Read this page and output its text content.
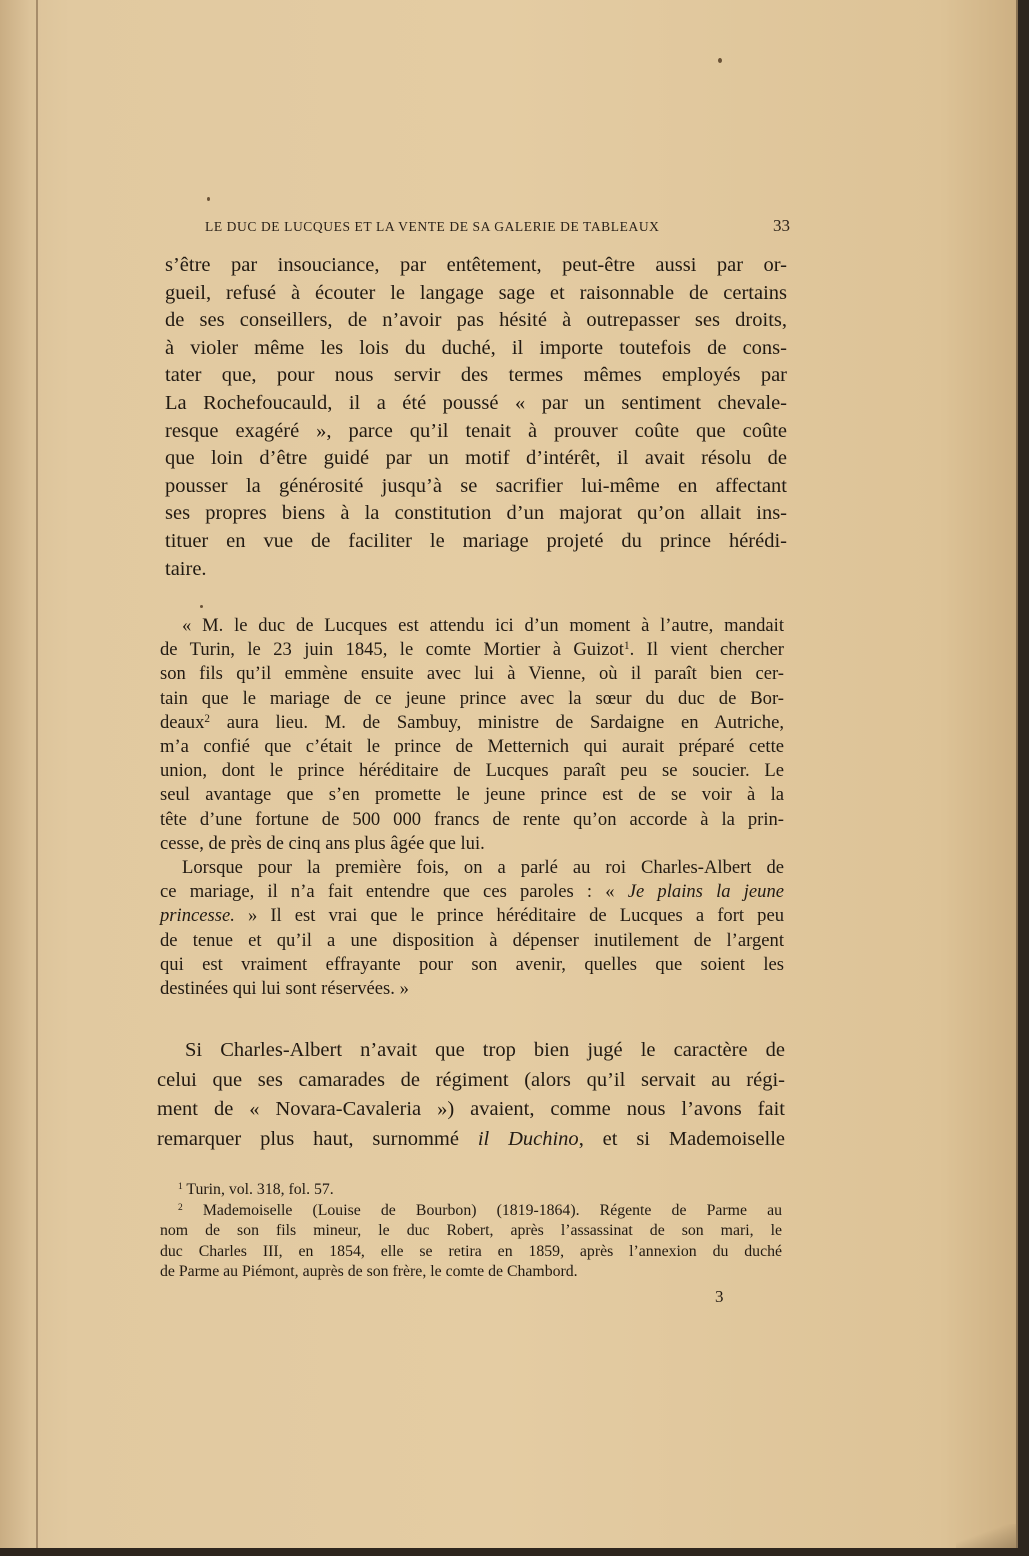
LE DUC DE LUCQUES ET LA VENTE DE SA GALERIE DE TABLEAUX	33
s’être par insouciance, par entêtement, peut-être aussi par or-
gueil, refusé à écouter le langage sage et raisonnable de certains
de ses conseillers, de n’avoir pas hésité à outrepasser ses droits,
à violer même les lois du duché, il importe toutefois de cons-
tater que, pour nous servir des termes mêmes employés par
La Rochefoucauld, il a été poussé « par un sentiment chevale-
resque exagéré », parce qu’il tenait à prouver coûte que coûte
que loin d’être guidé par un motif d’intérêt, il avait résolu de
pousser la générosité jusqu’à se sacrifier lui-même en affectant
ses propres biens à la constitution d’un majorat qu’on allait ins-
tituer en vue de faciliter le mariage projeté du prince hérédi-
taire.
« M. le duc de Lucques est attendu ici d’un moment à l’autre, mandait
de Turin, le 23 juin 1845, le comte Mortier à Guizot$^1$. Il vient chercher
son fils qu’il emmène ensuite avec lui à Vienne, où il paraît bien cer-
tain que le mariage de ce jeune prince avec la sœur du duc de Bor-
deaux$^2$ aura lieu. M. de Sambuy, ministre de Sardaigne en Autriche,
m’a confié que c’était le prince de Metternich qui aurait préparé cette
union, dont le prince héréditaire de Lucques paraît peu se soucier. Le
seul avantage que s’en promette le jeune prince est de se voir à la
tête d’une fortune de 500 000 francs de rente qu’on accorde à la prin-
cesse, de près de cinq ans plus âgée que lui.
Lorsque pour la première fois, on a parlé au roi Charles-Albert de
ce mariage, il n’a fait entendre que ces paroles : « Je plains la jeune
princesse. » Il est vrai que le prince héréditaire de Lucques a fort peu
de tenue et qu’il a une disposition à dépenser inutilement de l’argent
qui est vraiment effrayante pour son avenir, quelles que soient les
destinées qui lui sont réservées. »
Si Charles-Albert n’avait que trop bien jugé le caractère de
celui que ses camarades de régiment (alors qu’il servait au régi-
ment de « Novara-Cavaleria ») avaient, comme nous l’avons fait
remarquer plus haut, surnommé il Duchino, et si Mademoiselle
$^1$ Turin, vol. 318, fol. 57.
$^2$ Mademoiselle (Louise de Bourbon) (1819-1864). Régente de Parme au
nom de son fils mineur, le duc Robert, après l’assassinat de son mari, le
duc Charles III, en 1854, elle se retira en 1859, après l’annexion du duché
de Parme au Piémont, auprès de son frère, le comte de Chambord.
3
